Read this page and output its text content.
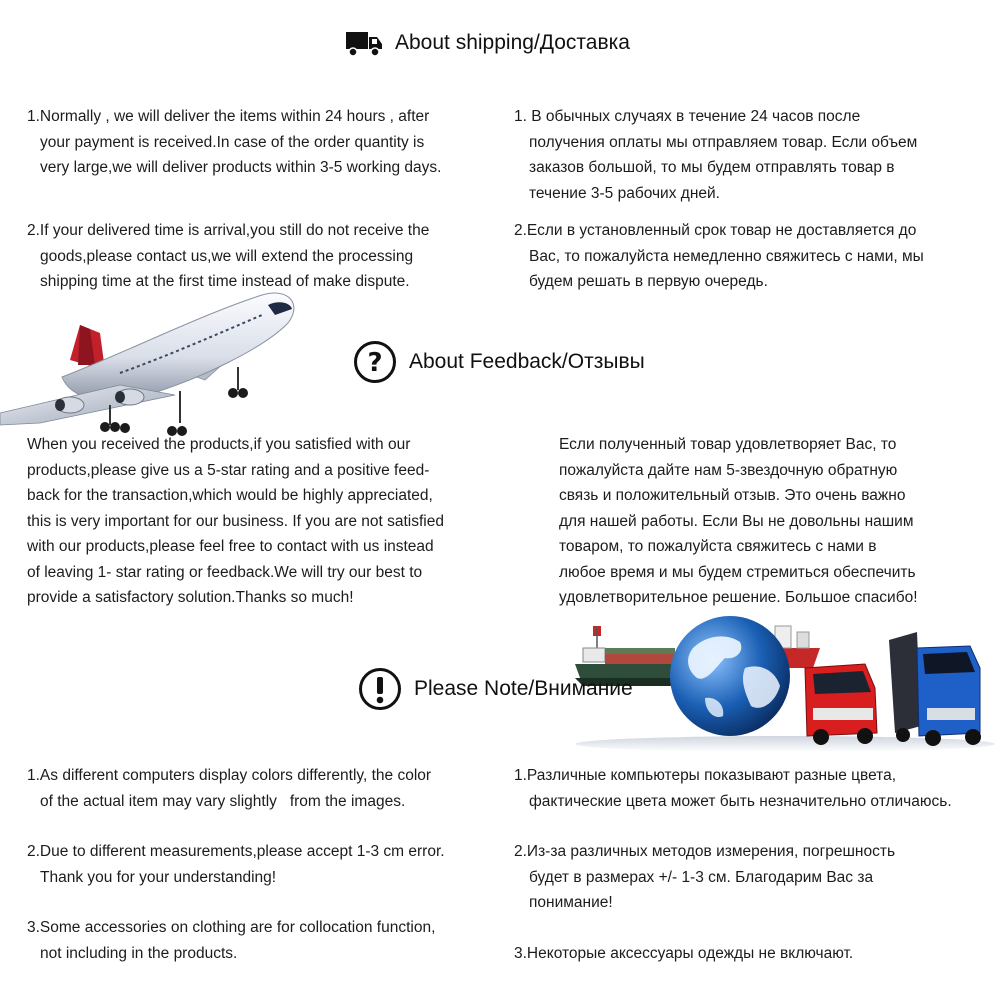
About shipping/Доставка
1.Normally , we will deliver the items within 24 hours , after
your payment is received.In case of the order quantity is
very large,we will deliver products within 3-5 working days.
2.If your delivered time is arrival,you still do not receive the
goods,please contact us,we will extend the processing
shipping time at the first time instead of make dispute.
1. В обычных случаях в течение 24 часов после
получения оплаты мы отправляем товар. Если объем
заказов большой, то мы будем отправлять товар в
течение 3-5 рабочих дней.
2.Если в установленный срок товар не доставляется до
Вас, то пожалуйста немедленно свяжитесь с нами, мы
будем решать в первую очередь.
? About Feedback/Отзывы
When you received the products,if you satisfied with our
products,please give us a 5-star rating and a positive feed-
back for the transaction,which would be highly appreciated,
this is very important for our business. If you are not satisfied
with our products,please feel free to contact with us instead
of leaving 1- star rating or feedback.We will try our best to
provide a satisfactory solution.Thanks so much!
Если полученный товар удовлетворяет Вас, то
пожалуйста дайте нам 5-звездочную обратную
связь и положительный отзыв. Это очень важно
для нашей работы. Если Вы не довольны нашим
товаром, то пожалуйста свяжитесь с нами в
любое время и мы будем стремиться обеспечить
удовлетворительное решение. Большое спасибо!
Please Note/Внимание
1.As different computers display colors differently, the color
of the actual item may vary slightly   from the images.
2.Due to different measurements,please accept 1-3 cm error.
Thank you for your understanding!
3.Some accessories on clothing are for collocation function,
not including in the products.
1.Различные компьютеры показывают разные цвета,
фактические цвета может быть незначительно отличаюсь.
2.Из-за различных методов измерения, погрешность
будет в размерах +/- 1-3 см. Благодарим Вас за
понимание!
3.Некоторые аксессуары одежды не включают.
